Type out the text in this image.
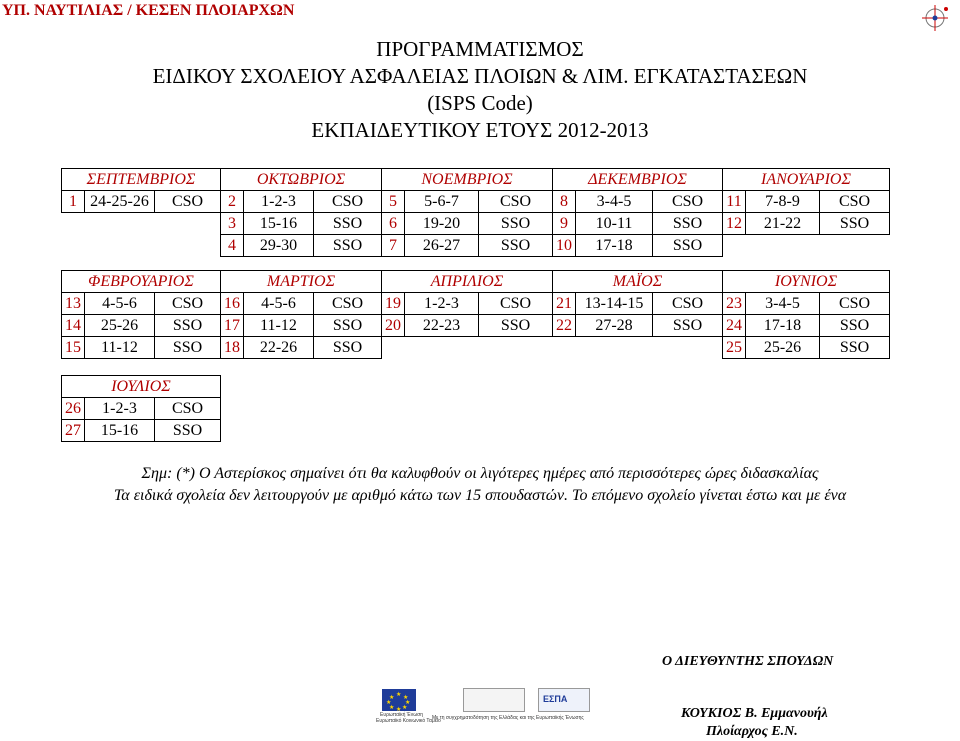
ΥΠ. ΝΑΥΤΙΛΙΑΣ / ΚΕΣΕΝ ΠΛΟΙΑΡΧΩΝ
ΠΡΟΓΡΑΜΜΑΤΙΣΜΟΣ
ΕΙΔΙΚΟΥ ΣΧΟΛΕΙΟΥ ΑΣΦΑΛΕΙΑΣ ΠΛΟΙΩΝ & ΛΙΜ. ΕΓΚΑΤΑΣΤΑΣΕΩΝ
(ISPS Code)
ΕΚΠΑΙΔΕΥΤΙΚΟΥ ΕΤΟΥΣ 2012-2013
ΣΕΠΤΕΜΒΡΙΟΣ			ΟΚΤΩΒΡΙΟΣ			ΝΟΕΜΒΡΙΟΣ			ΔΕΚΕΜΒΡΙΟΣ			ΙΑΝΟΥΑΡΙΟΣ		
1	24-25-26	CSO	2	1-2-3	CSO	5	5-6-7	CSO	8	3-4-5	CSO	11	7-8-9	CSO
			3	15-16	SSO	6	19-20	SSO	9	10-11	SSO	12	21-22	SSO
			4	29-30	SSO	7	26-27	SSO	10	17-18	SSO			
ΦΕΒΡΟΥΑΡΙΟΣ			ΜΑΡΤΙΟΣ			ΑΠΡΙΛΙΟΣ			ΜΑΪΟΣ			ΙΟΥΝΙΟΣ		
13	4-5-6	CSO	16	4-5-6	CSO	19	1-2-3	CSO	21	13-14-15	CSO	23	3-4-5	CSO
14	25-26	SSO	17	11-12	SSO	20	22-23	SSO	22	27-28	SSO	24	17-18	SSO
15	11-12	SSO	18	22-26	SSO							25	25-26	SSO
ΙΟΥΛΙΟΣ		
26	1-2-3	CSO
27	15-16	SSO
Σημ: (*) Ο Αστερίσκος σημαίνει ότι θα καλυφθούν οι λιγότερες ημέρες από περισσότερες ώρες διδασκαλίας
Τα ειδικά σχολεία δεν λειτουργούν με αριθμό κάτω των 15 σπουδαστών. Το επόμενο σχολείο γίνεται έστω και με ένα
Ο ΔΙΕΥΘΥΝΤΗΣ ΣΠΟΥΔΩΝ
ΚΟΥΚΙΟΣ Β. Εμμανουήλ
Πλοίαρχος Ε.Ν.
★ ★
★
★
★
★
★
★
Ευρωπαϊκή Ένωση
Ευρωπαϊκό Κοινωνικό Ταμείο
ΕΣΠΑ
Με τη συγχρηματοδότηση της Ελλάδας και της Ευρωπαϊκής Ένωσης
